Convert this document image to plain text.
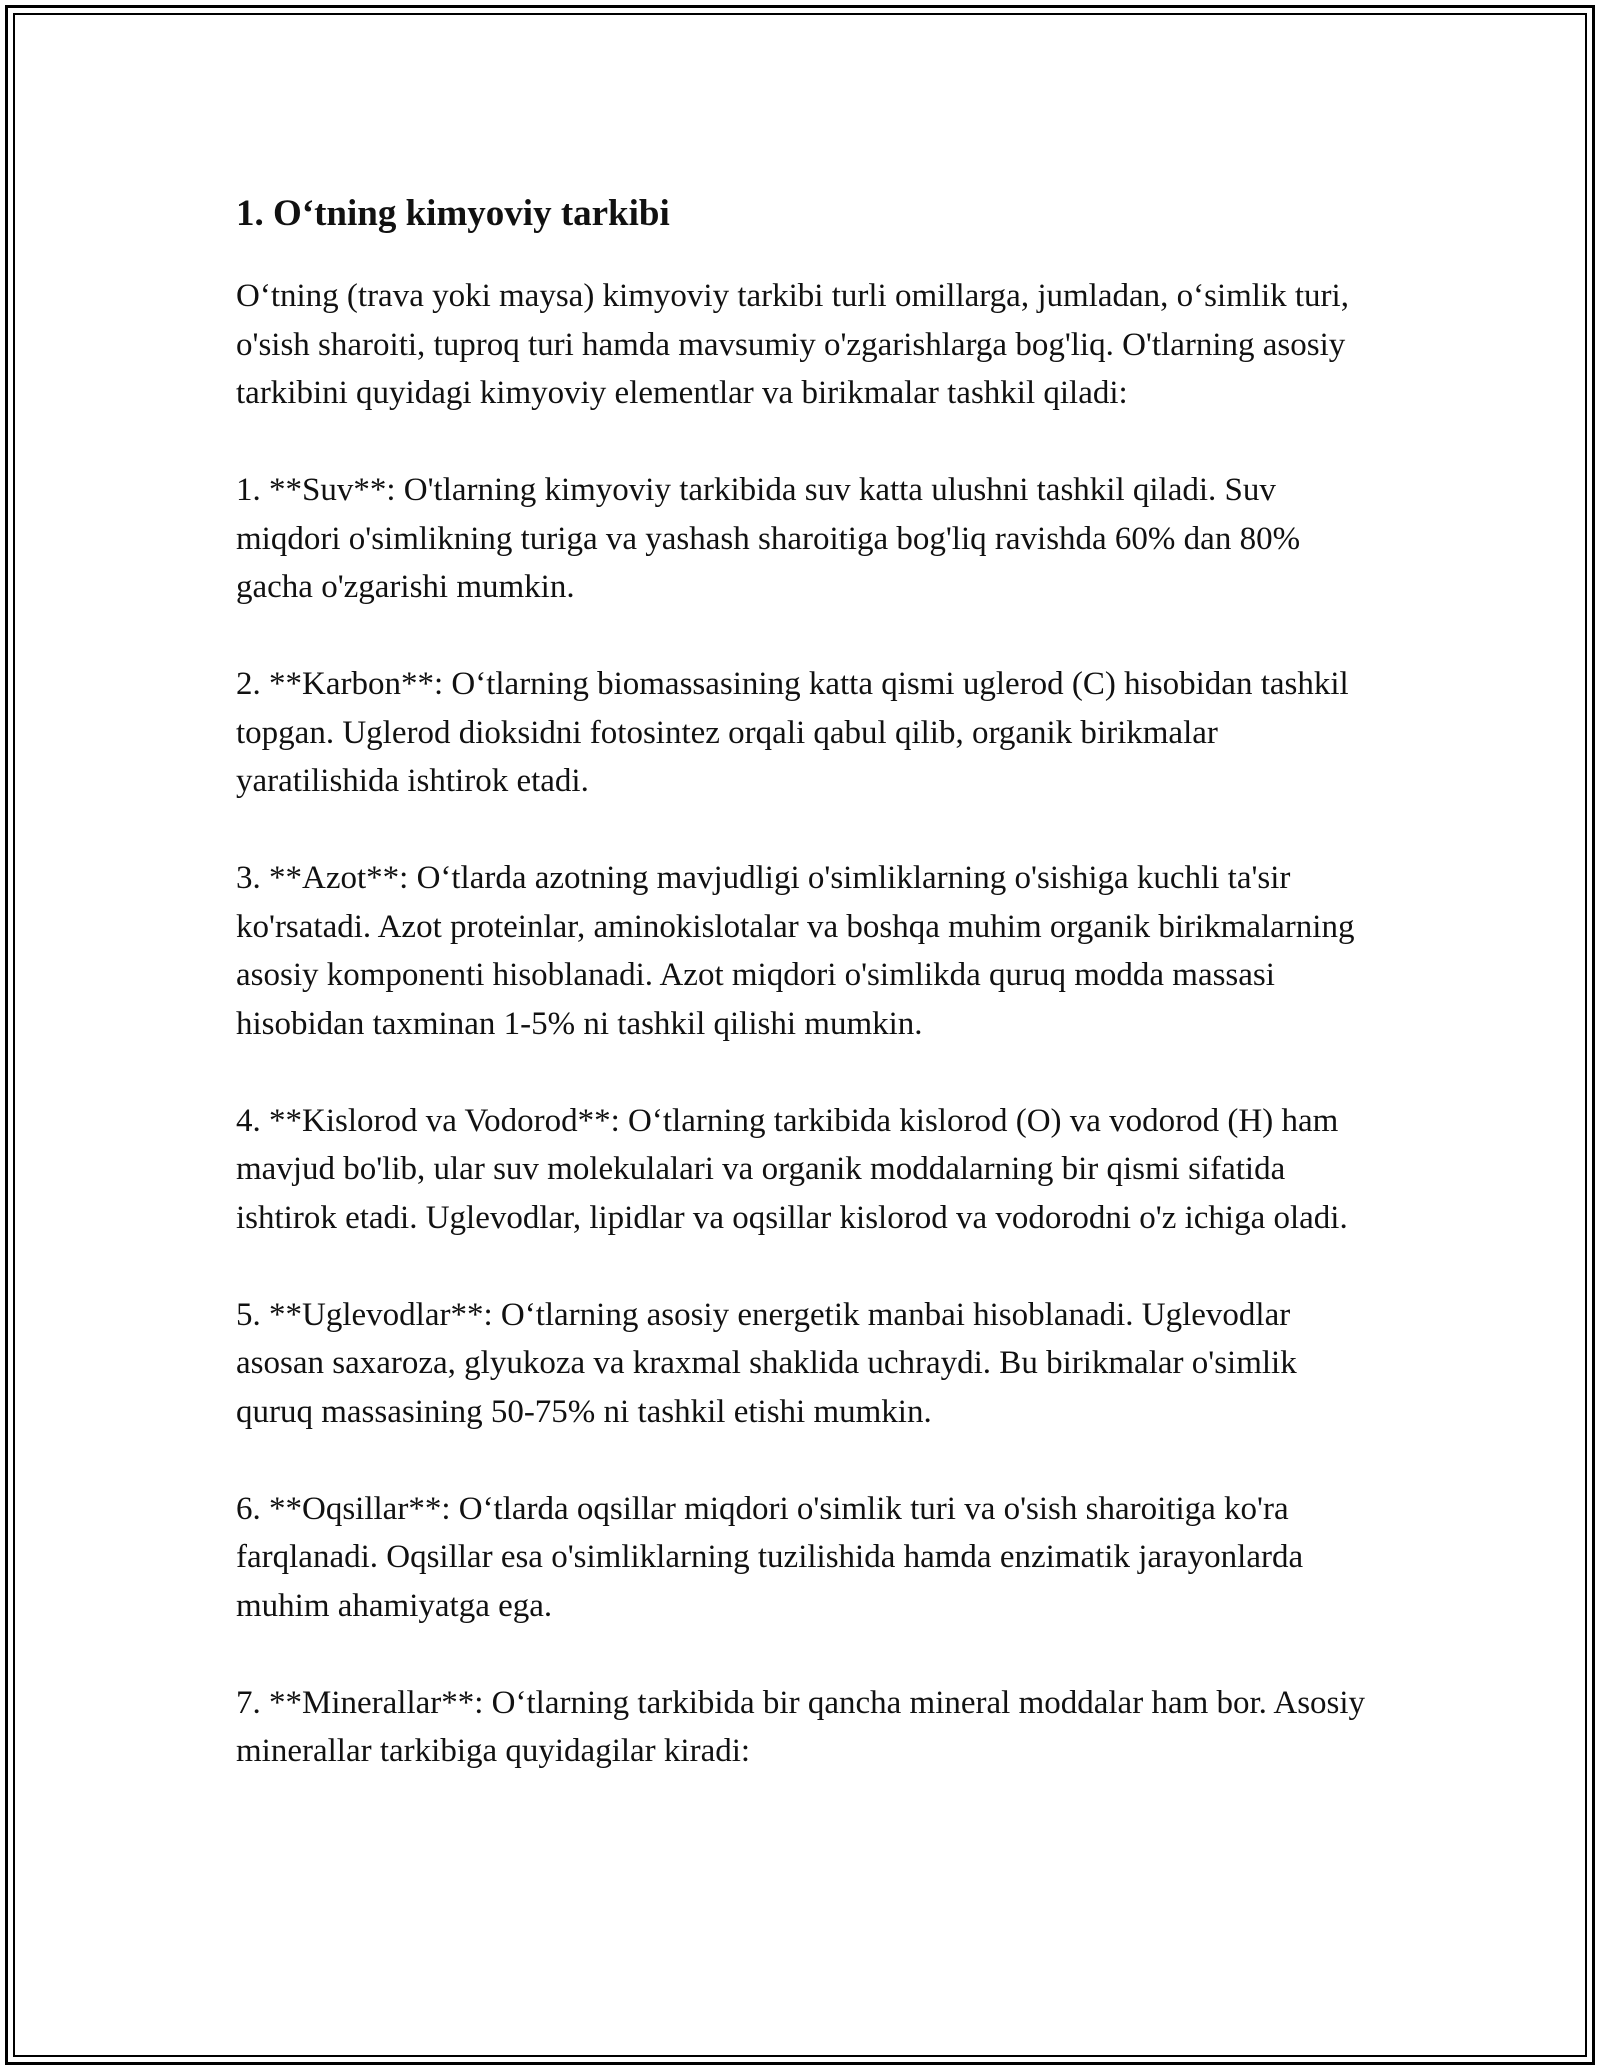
1. O‘tning kimyoviy tarkibi

O‘tning (trava yoki maysa) kimyoviy tarkibi turli omillarga, jumladan, o‘simlik turi, o'sish sharoiti, tuproq turi hamda mavsumiy o'zgarishlarga bog'liq. O'tlarning asosiy tarkibini quyidagi kimyoviy elementlar va birikmalar tashkil qiladi:

1. **Suv**: O'tlarning kimyoviy tarkibida suv katta ulushni tashkil qiladi. Suv miqdori o'simlikning turiga va yashash sharoitiga bog'liq ravishda 60% dan 80% gacha o'zgarishi mumkin.

2. **Karbon**: O‘tlarning biomassasining katta qismi uglerod (C) hisobidan tashkil topgan. Uglerod dioksidni fotosintez orqali qabul qilib, organik birikmalar yaratilishida ishtirok etadi.

3. **Azot**: O‘tlarda azotning mavjudligi o'simliklarning o'sishiga kuchli ta'sir ko'rsatadi. Azot proteinlar, aminokislotalar va boshqa muhim organik birikmalarning asosiy komponenti hisoblanadi. Azot miqdori o'simlikda quruq modda massasi hisobidan taxminan 1-5% ni tashkil qilishi mumkin.

4. **Kislorod va Vodorod**: O‘tlarning tarkibida kislorod (O) va vodorod (H) ham mavjud bo'lib, ular suv molekulalari va organik moddalarning bir qismi sifatida ishtirok etadi. Uglevodlar, lipidlar va oqsillar kislorod va vodorodni o'z ichiga oladi.

5. **Uglevodlar**: O‘tlarning asosiy energetik manbai hisoblanadi. Uglevodlar asosan saxaroza, glyukoza va kraxmal shaklida uchraydi. Bu birikmalar o'simlik quruq massasining 50-75% ni tashkil etishi mumkin.

6. **Oqsillar**: O‘tlarda oqsillar miqdori o'simlik turi va o'sish sharoitiga ko'ra farqlanadi. Oqsillar esa o'simliklarning tuzilishida hamda enzimatik jarayonlarda muhim ahamiyatga ega.

7. **Minerallar**: O‘tlarning tarkibida bir qancha mineral moddalar ham bor. Asosiy minerallar tarkibiga quyidagilar kiradi:
